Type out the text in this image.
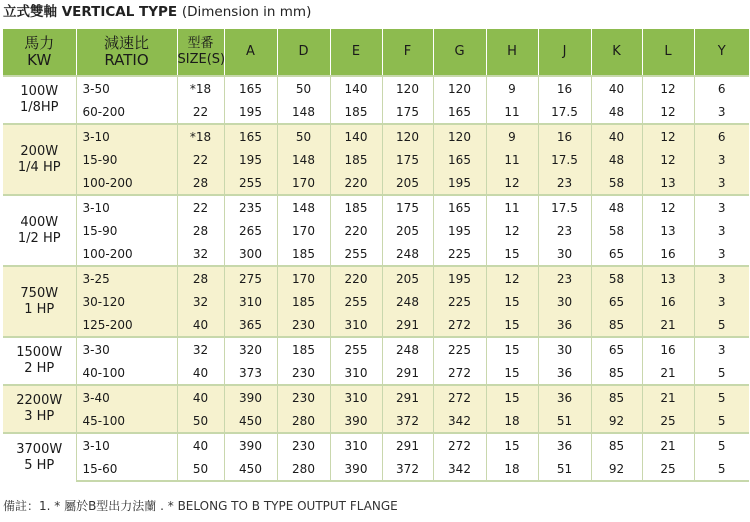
立式雙軸 VERTICAL TYPE (Dimension in mm)
馬力
KW	減速比
RATIO	型番
SIZE(S)	A	D	E	F	G	H	J	K	L	Y
100W
1/8HP	3-50	*18	165	50	140	120	120	9	16	40	12	6
	60-200	22	195	148	185	175	165	11	17.5	48	12	3
200W
1/4 HP	3-10	*18	165	50	140	120	120	9	16	40	12	6
	15-90	22	195	148	185	175	165	11	17.5	48	12	3
	100-200	28	255	170	220	205	195	12	23	58	13	3
400W
1/2 HP	3-10	22	235	148	185	175	165	11	17.5	48	12	3
	15-90	28	265	170	220	205	195	12	23	58	13	3
	100-200	32	300	185	255	248	225	15	30	65	16	3
750W
1 HP	3-25	28	275	170	220	205	195	12	23	58	13	3
	30-120	32	310	185	255	248	225	15	30	65	16	3
	125-200	40	365	230	310	291	272	15	36	85	21	5
1500W
2 HP	3-30	32	320	185	255	248	225	15	30	65	16	3
	40-100	40	373	230	310	291	272	15	36	85	21	5
2200W
3 HP	3-40	40	390	230	310	291	272	15	36	85	21	5
	45-100	50	450	280	390	372	342	18	51	92	25	5
3700W
5 HP	3-10	40	390	230	310	291	272	15	36	85	21	5
	15-60	50	450	280	390	372	342	18	51	92	25	5
備註：1. * 屬於B型出力法蘭 . * BELONG TO B TYPE OUTPUT FLANGE
